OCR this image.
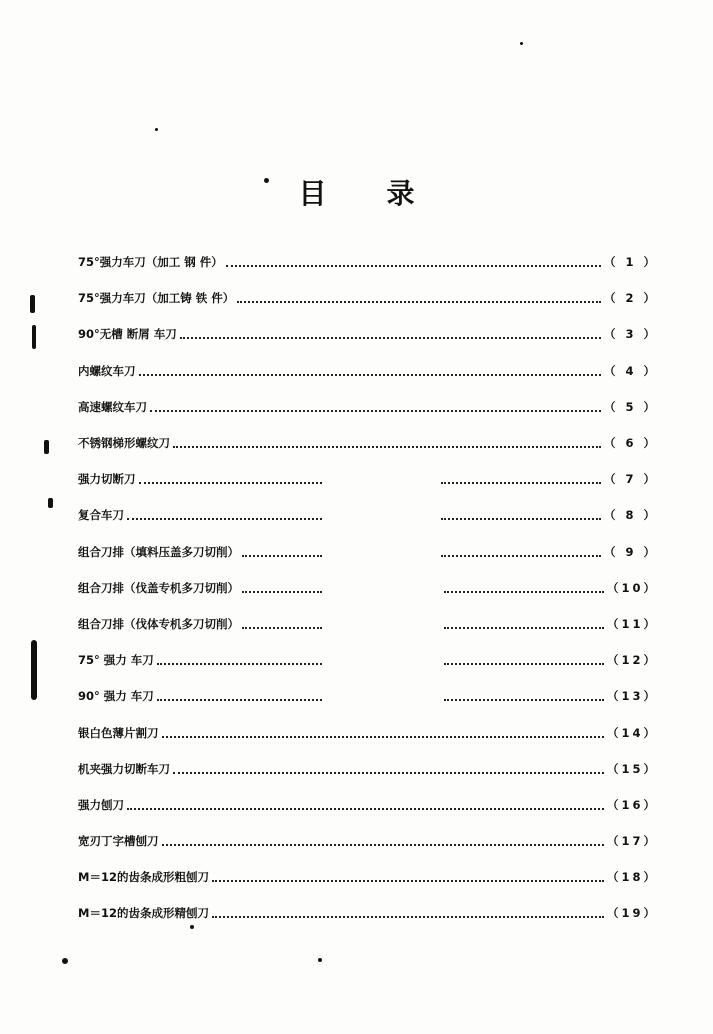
目 录
75°强力车刀（加工 钢 件）	（ 1 ）
75°强力车刀（加工铸 铁 件）	（ 2 ）
90°无槽 断屑 车刀	（ 3 ）
内螺纹车刀	（ 4 ）
高速螺纹车刀	（ 5 ）
不锈钢梯形螺纹刀	（ 6 ）
强力切断刀	（ 7 ）
复合车刀	（ 8 ）
组合刀排（填料压盖多刀切削）	（ 9 ）
组合刀排（伐盖专机多刀切削）	（10）
组合刀排（伐体专机多刀切削）	（11）
75° 强力 车刀	（12）
90° 强力 车刀	（13）
银白色薄片割刀	（14）
机夹强力切断车刀	（15）
强力刨刀	（16）
宽刃丁字槽刨刀	（17）
M＝12的齿条成形粗刨刀	（18）
M＝12的齿条成形精刨刀	（19）
